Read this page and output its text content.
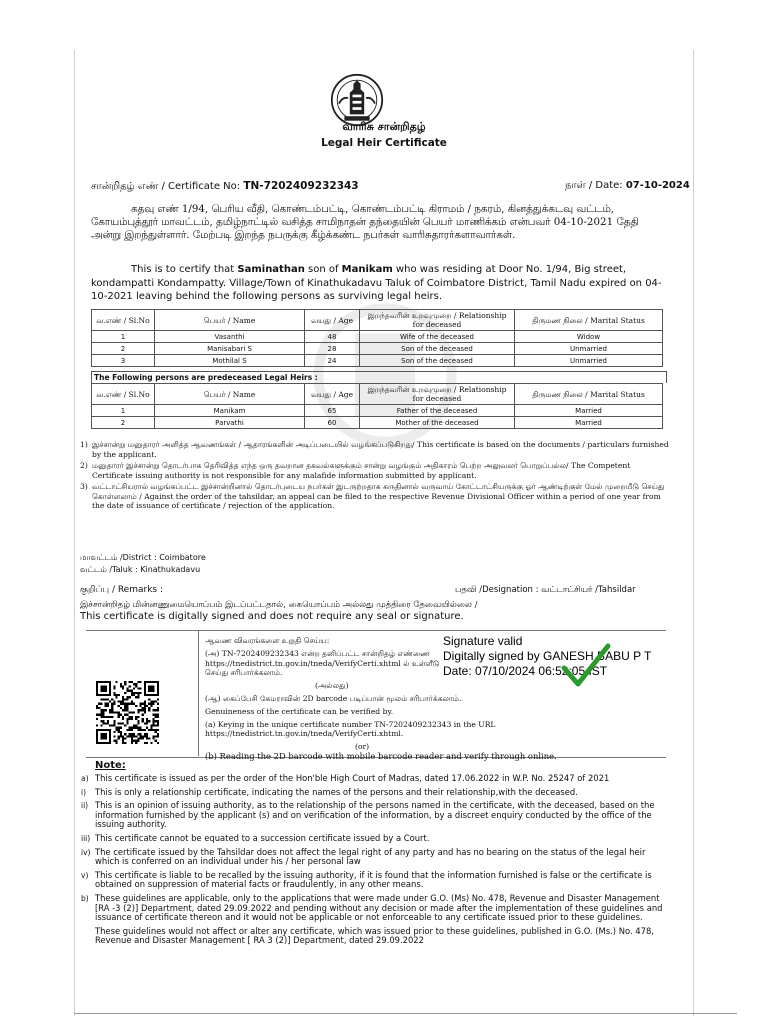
வாரிசு சான்றிதழ்
Legal Heir Certificate
சான்றிதழ் எண் / Certificate No: TN-7202409232343	நாள் / Date: 07-10-2024
கதவு எண் 1/94, பெரிய வீதி, கொண்டம்பட்டி, கொண்டம்பட்டி கிராமம் / நகரம், கினத்துக்கடவு வட்டம், கோயம்புத்தூர் மாவட்டம், தமிழ்நாட்டில் வசித்த சாமிநாதன் தந்தையின் பெயர் மாணிக்கம் என்பவர் 04-10-2021 தேதி அன்று இறந்துள்ளார். மேற்படி இறந்த நபருக்கு கீழ்க்கண்ட நபர்கள் வாரிசுதாரர்களாவார்கள்.
This is to certify that Saminathan son of Manikam who was residing at Door No. 1/94, Big street, kondampatti Kondampatty. Village/Town of Kinathukadavu Taluk of Coimbatore District, Tamil Nadu expired on 04-10-2021 leaving behind the following persons as surviving legal heirs.
வ.எண் / Sl.No	பெயர் / Name	வயது / Age	இறந்தவரின் உறவுமுறை / Relationship for deceased	திருமண நிலை / Marital Status
1	Vasanthi	48	Wife of the deceased	Widow
2	Manisabari S	28	Son of the deceased	Unmarried
3	Mothilal S	24	Son of the deceased	Unmarried
The Following persons are predeceased Legal Heirs :
வ.எண் / Sl.No	பெயர் / Name	வயது / Age	இறந்தவரின் உறவுமுறை / Relationship for deceased	திருமண நிலை / Marital Status
1	Manikam	65	Father of the deceased	Married
2	Parvathi	60	Mother of the deceased	Married
1) இச்சான்று மனுதாரர் அளித்த ஆவணங்கள் / ஆதாரங்களின் அடிப்படையில் வழங்கப்படுகிறது/ This certificate is based on the documents / particulars furnished by the applicant.
2) மனுதாரர் இச்சான்று தொடர்பாக தெரிவித்த எந்த ஒரு தவறான தகவல்களுக்கும் சான்று வழங்கும் அதிகாரம் பெற்ற அலுவலர் பொறுப்பல்ல/ The Competent Certificate issuing authority is not responsible for any malafide information submitted by applicant.
3) வட்டாட்சியரால் வழங்கப்பட்ட இச்சான்றினால் தொடர்புடைய நபர்கள் இடருற்றதாக கருதினால் வருவாய் கோட்டாட்சியருக்கு ஓர் ஆண்டிற்குள் மேல் முறையீடு செய்து கொள்ளலாம் / Against the order of the tahsildar, an appeal can be filed to the respective Revenue Divisional Officer within a period of one year from the date of issuance of certificate / rejection of the application.
மாவட்டம் /District : Coimbatore
வட்டம் /Taluk : Kinathukadavu
குறிப்பு / Remarks :	பதவி /Designation : வட்டாட்சியர் /Tahsildar
இச்சான்றிதழ் மின்னணுமையொப்பம் இடப்பட்டதால், கையொப்பம் அல்லது முத்திரை தேவையில்லை /
This certificate is digitally signed and does not require any seal or signature.

ஆவண விவரங்களை உறுதி செய்ய:

(அ) TN-7202409232343 என்ற தனிப்பட்ட சான்றிதழ் எண்ணை https://tnedistrict.tn.gov.in/tneda/VerifyCerti.xhtml ல் உள்ளீடு செய்து சரிபார்க்கலாம்.

(அல்லது)

(ஆ) கைப்பேசி கேமராவின் 2D barcode படிப்பான் மூலம் சரிபார்க்கலாம்.

Genuineness of the certificate can be verified by.

(a) Keying in the unique certificate number TN-7202409232343 in the URL https://tnedistrict.tn.gov.in/tneda/VerifyCerti.xhtml.

(or)

(b) Reading the 2D barcode with mobile barcode reader and verify through online.

Signature valid
Digitally signed by GANESH BABU P T
Date: 07/10/2024 06:52:05 IST
Note:
a) This certificate is issued as per the order of the Hon'ble High Court of Madras, dated 17.06.2022 in W.P. No. 25247 of 2021
i)	This is only a relationship certificate, indicating the names of the persons and their relationship,with the deceased.
ii) This is an opinion of issuing authority, as to the relationship of the persons named in the certificate, with the deceased, based on the information furnished by the applicant (s) and on verification of the information, by a discreet enquiry conducted by the office of the issuing authority.
iii) This certificate cannot be equated to a succession certificate issued by a Court.
iv) The certificate issued by the Tahsildar does not affect the legal right of any party and has no bearing on the status of the legal heir which is conferred on an individual under his / her personal law
v) This certificate is liable to be recalled by the issuing authority, if it is found that the information furnished is false or the certificate is obtained on suppression of material facts or fraudulently, in any other means.
b) These guidelines are applicable, only to the applications that were made under G.O. (Ms) No. 478, Revenue and Disaster Management [RA -3 (2)] Department, dated 29.09.2022 and pending without any decision or made after the implementation of these guidelines and issuance of certificate thereon and it would not be applicable or not enforceable to any certificate issued prior to these guidelines.
These guidelines would not affect or alter any certificate, which was issued prior to these guidelines, published in G.O. (Ms.) No. 478, Revenue and Disaster Management [ RA 3 (2)] Department, dated 29.09.2022
